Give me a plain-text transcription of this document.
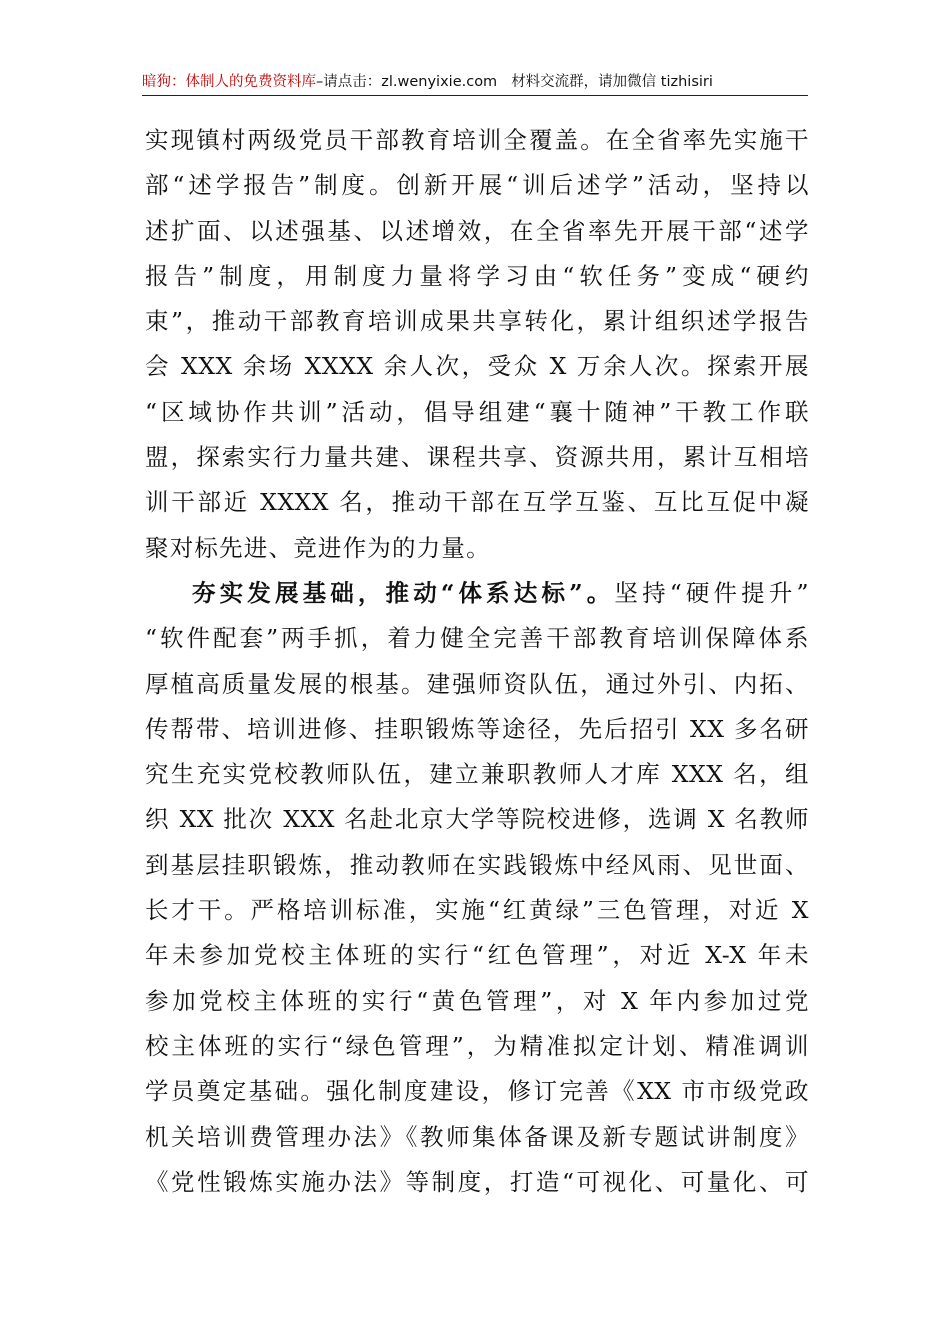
暗狗：体制人的免费资料库–请点击：zl.wenyixie.com 材料交流群，请加微信 tizhisiri
实现镇村两级党员干部教育培训全覆盖。在全省率先实施干
部“述学报告”制度。创新开展“训后述学”活动，坚持以
述扩面、以述强基、以述增效，在全省率先开展干部“述学
报告”制度，用制度力量将学习由“软任务”变成“硬约
束”，推动干部教育培训成果共享转化，累计组织述学报告
会 XXX 余场 XXXX 余人次，受众 X 万余人次。探索开展
“区域协作共训”活动，倡导组建“襄十随神”干教工作联
盟，探索实行力量共建、课程共享、资源共用，累计互相培
训干部近 XXXX 名，推动干部在互学互鉴、互比互促中凝
聚对标先进、竞进作为的力量。
夯实发展基础，推动“体系达标”。坚持“硬件提升”
“软件配套”两手抓，着力健全完善干部教育培训保障体系
厚植高质量发展的根基。建强师资队伍，通过外引、内拓、
传帮带、培训进修、挂职锻炼等途径，先后招引 XX 多名研
究生充实党校教师队伍，建立兼职教师人才库 XXX 名，组
织 XX 批次 XXX 名赴北京大学等院校进修，选调 X 名教师
到基层挂职锻炼，推动教师在实践锻炼中经风雨、见世面、
长才干。严格培训标准，实施“红黄绿”三色管理，对近 X
年未参加党校主体班的实行“红色管理”，对近 X-X 年未
参加党校主体班的实行“黄色管理”，对 X 年内参加过党
校主体班的实行“绿色管理”，为精准拟定计划、精准调训
学员奠定基础。强化制度建设，修订完善《XX 市市级党政
机关培训费管理办法》《教师集体备课及新专题试讲制度》
《党性锻炼实施办法》等制度，打造“可视化、可量化、可
